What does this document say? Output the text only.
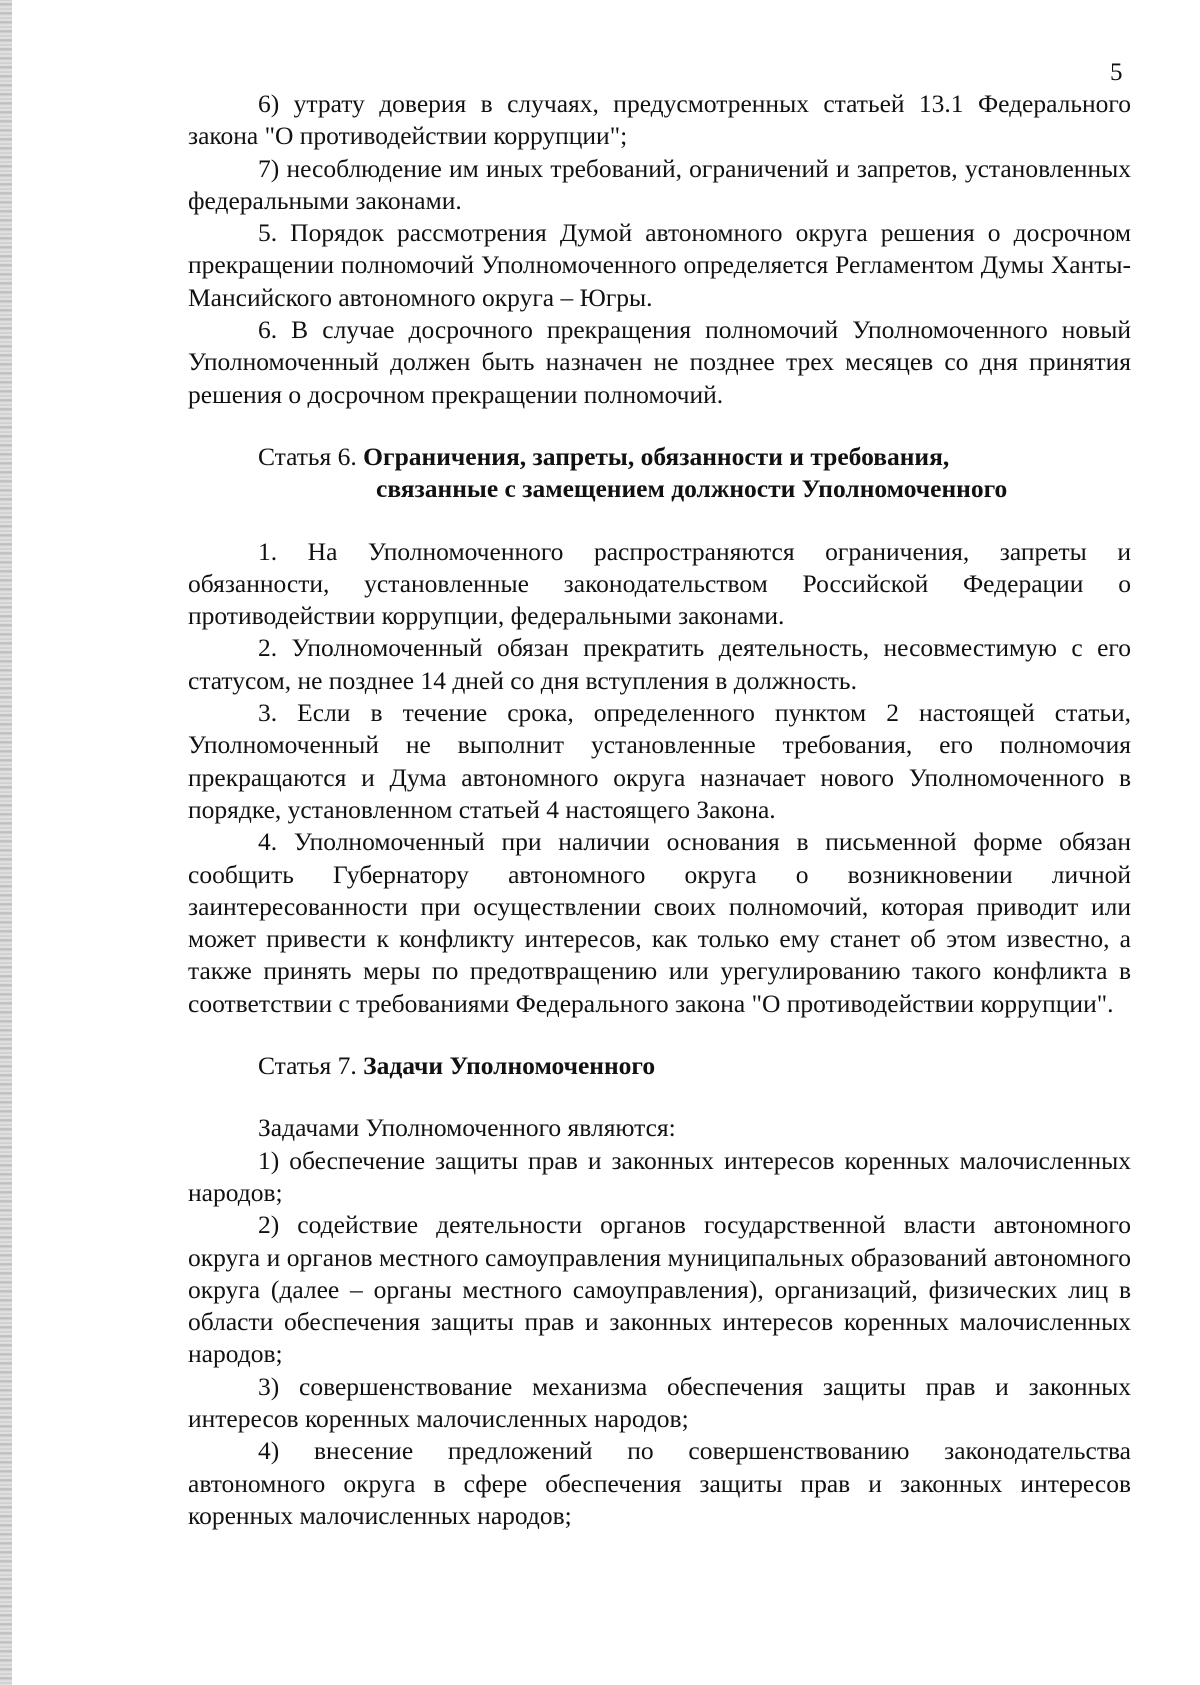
5

6) утрату доверия в случаях, предусмотренных статьей 13.1 Федерального закона "О противодействии коррупции";

7) несоблюдение им иных требований, ограничений и запретов, установленных федеральными законами.

5. Порядок рассмотрения Думой автономного округа решения о досрочном прекращении полномочий Уполномоченного определяется Регламентом Думы Ханты-Мансийского автономного округа – Югры.

6. В случае досрочного прекращения полномочий Уполномоченного новый Уполномоченный должен быть назначен не позднее трех месяцев со дня принятия решения о досрочном прекращении полномочий.

Статья 6. Ограничения, запреты, обязанности и требования,
связанные с замещением должности Уполномоченного

1. На Уполномоченного распространяются ограничения, запреты и обязанности, установленные законодательством Российской Федерации о противодействии коррупции, федеральными законами.

2. Уполномоченный обязан прекратить деятельность, несовместимую с его статусом, не позднее 14 дней со дня вступления в должность.

3. Если в течение срока, определенного пунктом 2 настоящей статьи, Уполномоченный не выполнит установленные требования, его полномочия прекращаются и Дума автономного округа назначает нового Уполномоченного в порядке, установленном статьей 4 настоящего Закона.

4. Уполномоченный при наличии основания в письменной форме обязан сообщить Губернатору автономного округа о возникновении личной заинтересованности при осуществлении своих полномочий, которая приводит или может привести к конфликту интересов, как только ему станет об этом известно, а также принять меры по предотвращению или урегулированию такого конфликта в соответствии с требованиями Федерального закона "О противодействии коррупции".

Статья 7. Задачи Уполномоченного

Задачами Уполномоченного являются:

1) обеспечение защиты прав и законных интересов коренных малочисленных народов;

2) содействие деятельности органов государственной власти автономного округа и органов местного самоуправления муниципальных образований автономного округа (далее – органы местного самоуправления), организаций, физических лиц в области обеспечения защиты прав и законных интересов коренных малочисленных народов;

3) совершенствование механизма обеспечения защиты прав и законных интересов коренных малочисленных народов;

4) внесение предложений по совершенствованию законодательства автономного округа в сфере обеспечения защиты прав и законных интересов коренных малочисленных народов;
